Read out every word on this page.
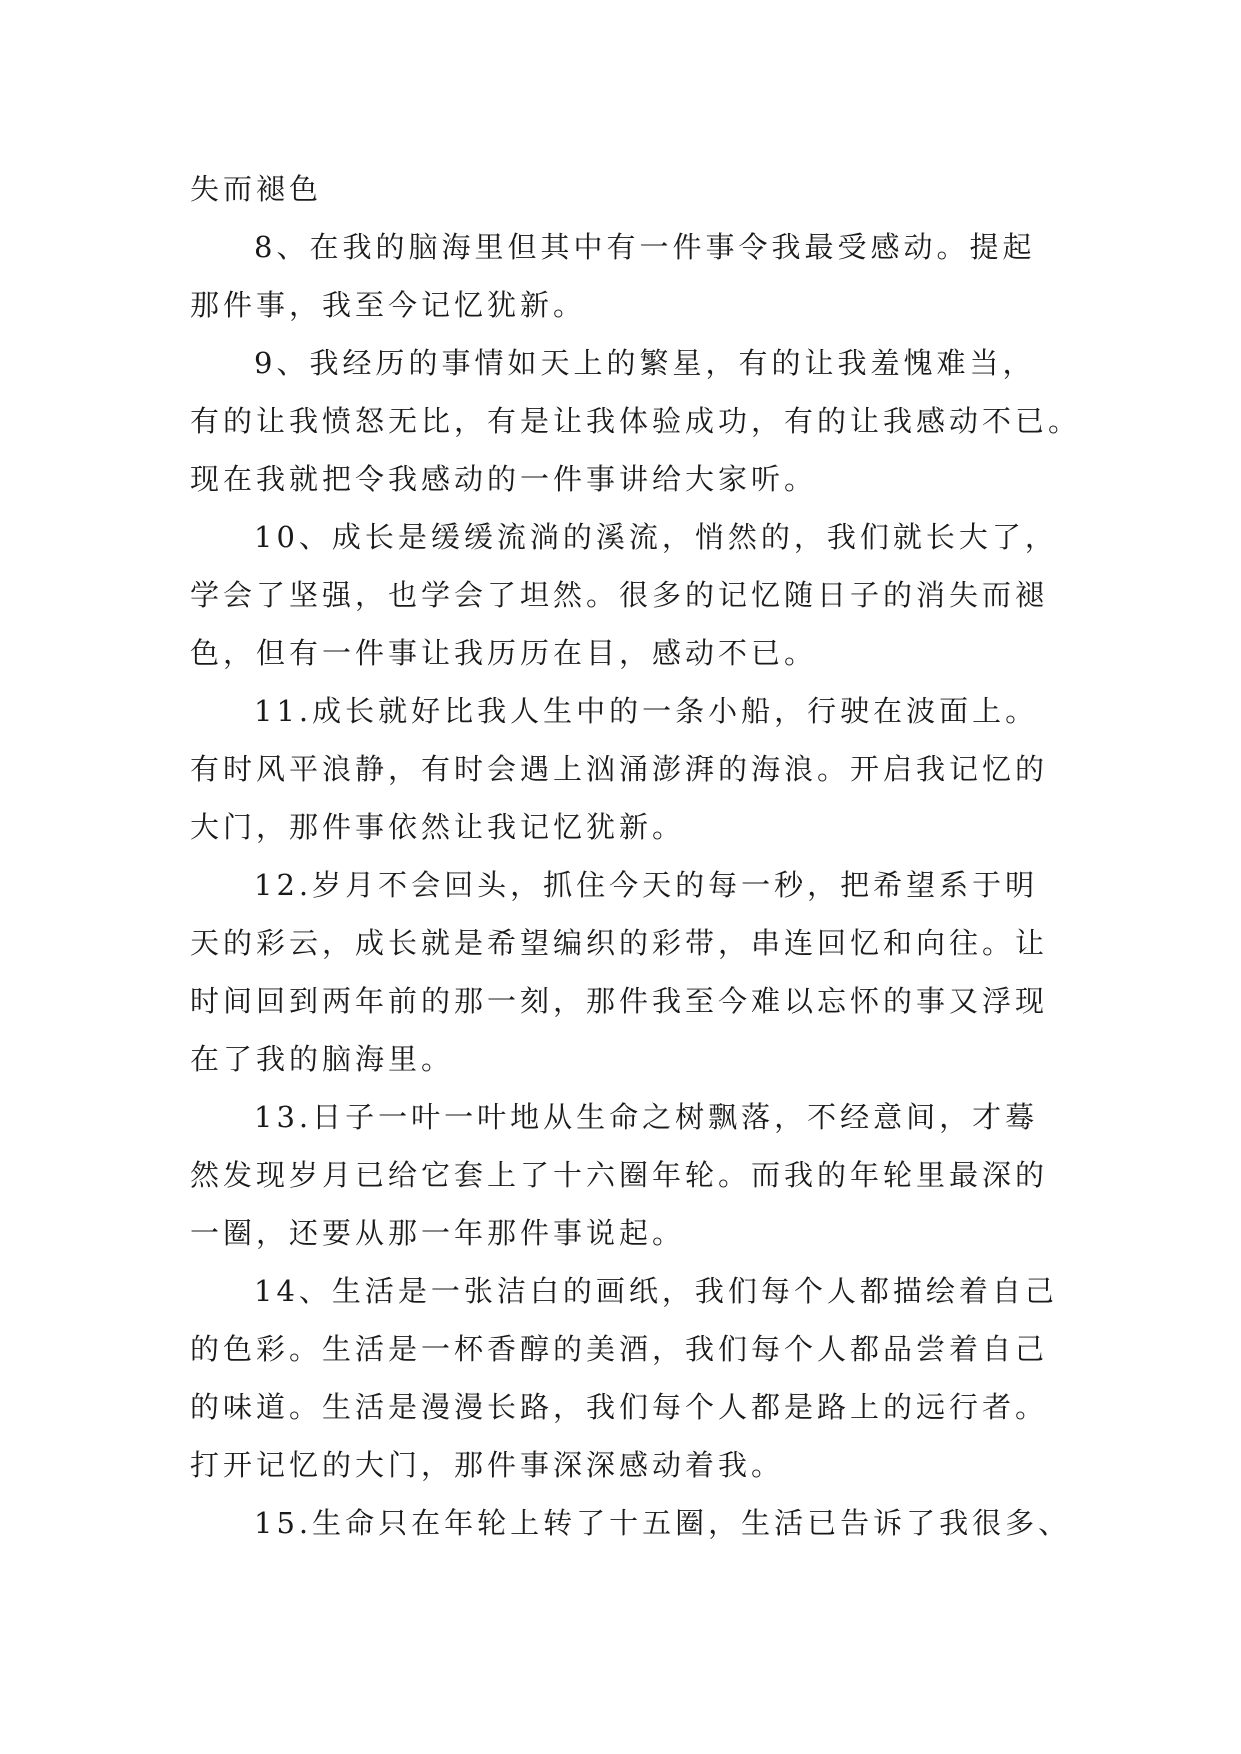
失而褪色
8、在我的脑海里但其中有一件事令我最受感动。提起
那件事，我至今记忆犹新。
9、我经历的事情如天上的繁星，有的让我羞愧难当，
有的让我愤怒无比，有是让我体验成功，有的让我感动不已。
现在我就把令我感动的一件事讲给大家听。
10、成长是缓缓流淌的溪流，悄然的，我们就长大了，
学会了坚强，也学会了坦然。很多的记忆随日子的消失而褪
色，但有一件事让我历历在目，感动不已。
11.成长就好比我人生中的一条小船，行驶在波面上。
有时风平浪静，有时会遇上汹涌澎湃的海浪。开启我记忆的
大门，那件事依然让我记忆犹新。
12.岁月不会回头，抓住今天的每一秒，把希望系于明
天的彩云，成长就是希望编织的彩带，串连回忆和向往。让
时间回到两年前的那一刻，那件我至今难以忘怀的事又浮现
在了我的脑海里。
13.日子一叶一叶地从生命之树飘落，不经意间，才蓦
然发现岁月已给它套上了十六圈年轮。而我的年轮里最深的
一圈，还要从那一年那件事说起。
14、生活是一张洁白的画纸，我们每个人都描绘着自己
的色彩。生活是一杯香醇的美酒，我们每个人都品尝着自己
的味道。生活是漫漫长路，我们每个人都是路上的远行者。
打开记忆的大门，那件事深深感动着我。
15.生命只在年轮上转了十五圈，生活已告诉了我很多、
